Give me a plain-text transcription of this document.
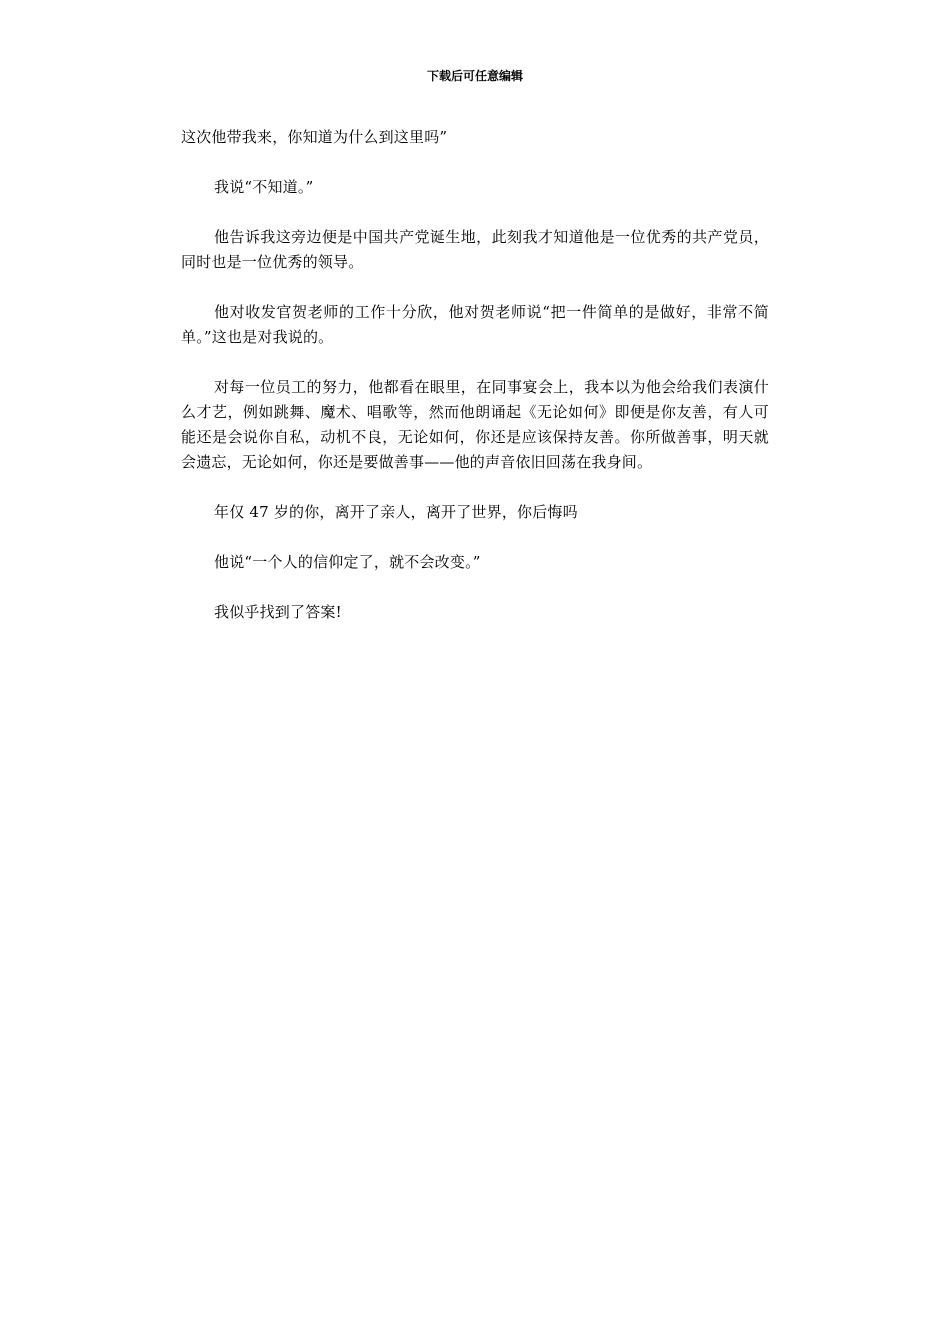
下载后可任意编辑

这次他带我来，你知道为什么到这里吗”

我说“不知道。”

他告诉我这旁边便是中国共产党诞生地，此刻我才知道他是一位优秀的共产党员，同时也是一位优秀的领导。

他对收发官贺老师的工作十分欣，他对贺老师说“把一件简单的是做好，非常不简单。”这也是对我说的。

对每一位员工的努力，他都看在眼里，在同事宴会上，我本以为他会给我们表演什么才艺，例如跳舞、魔术、唱歌等，然而他朗诵起《无论如何》即便是你友善，有人可能还是会说你自私，动机不良，无论如何，你还是应该保持友善。你所做善事，明天就会遗忘，无论如何，你还是要做善事——他的声音依旧回荡在我身间。

年仅 47 岁的你，离开了亲人，离开了世界，你后悔吗

他说“一个人的信仰定了，就不会改变。”

我似乎找到了答案!
